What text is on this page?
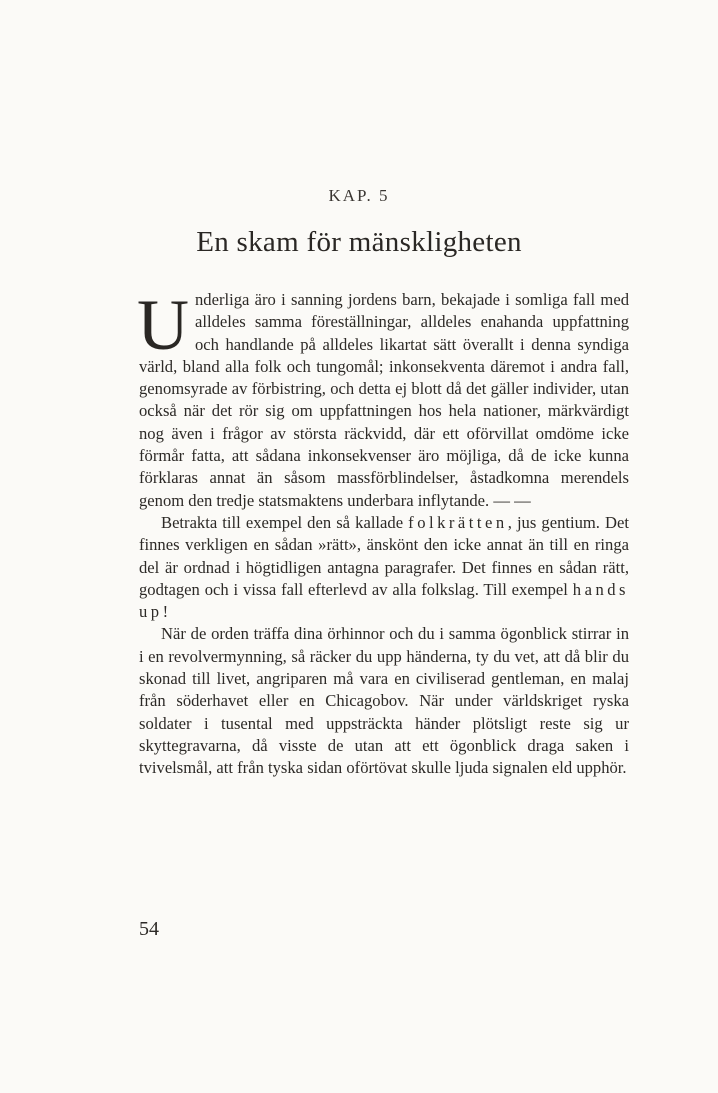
KAP. 5
En skam för mänskligheten

Underliga äro i sanning jordens barn, bekajade i somliga fall med alldeles samma föreställningar, alldeles enahanda uppfattning och handlande på alldeles likartat sätt överallt i denna syndiga värld, bland alla folk och tungomål; inkonsekventa däremot i andra fall, genomsyrade av förbistring, och detta ej blott då det gäller individer, utan också när det rör sig om uppfattningen hos hela nationer, märkvärdigt nog även i frågor av största räckvidd, där ett oförvillat omdöme icke förmår fatta, att sådana inkonsekvenser äro möjliga, då de icke kunna förklaras annat än såsom massförblindelser, åstadkomna merendels genom den tredje statsmaktens underbara inflytande. — —

Betrakta till exempel den så kallade folkrätten, jus gentium. Det finnes verkligen en sådan »rätt», änskönt den icke annat än till en ringa del är ordnad i högtidligen antagna paragrafer. Det finnes en sådan rätt, godtagen och i vissa fall efterlevd av alla folkslag. Till exempel hands up!

När de orden träffa dina örhinnor och du i samma ögonblick stirrar in i en revolvermynning, så räcker du upp händerna, ty du vet, att då blir du skonad till livet, angriparen må vara en civiliserad gentleman, en malaj från söderhavet eller en Chicagobov. När under världskriget ryska soldater i tusental med uppsträckta händer plötsligt reste sig ur skyttegravarna, då visste de utan att ett ögonblick draga saken i tvivelsmål, att från tyska sidan oförtövat skulle ljuda signalen eld upphör.

54
